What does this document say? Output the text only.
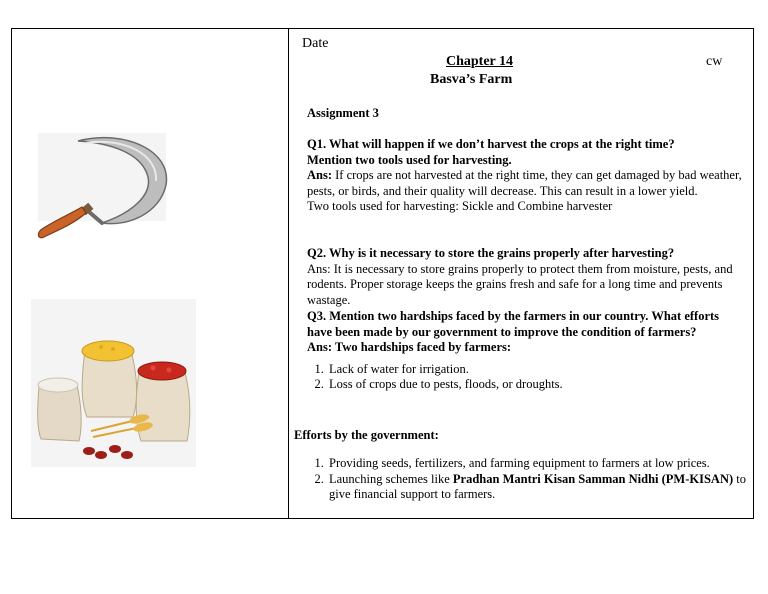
Date
Chapter 14	cw
Basva’s Farm
Assignment 3
Q1. What will happen if we don’t harvest the crops at the right time?
Mention two tools used for harvesting.
Ans: If crops are not harvested at the right time, they can get damaged by bad weather, pests, or birds, and their quality will decrease. This can result in a lower yield.
Two tools used for harvesting: Sickle and Combine harvester
Q2. Why is it necessary to store the grains properly after harvesting?
Ans: It is necessary to store grains properly to protect them from moisture, pests, and rodents. Proper storage keeps the grains fresh and safe for a long time and prevents wastage.
Q3. Mention two hardships faced by the farmers in our country. What efforts have been made by our government to improve the condition of farmers?
Ans: Two hardships faced by farmers:
1. Lack of water for irrigation.
2. Loss of crops due to pests, floods, or droughts.
Efforts by the government:
1. Providing seeds, fertilizers, and farming equipment to farmers at low prices.
2. Launching schemes like Pradhan Mantri Kisan Samman Nidhi (PM-KISAN) to give financial support to farmers.
